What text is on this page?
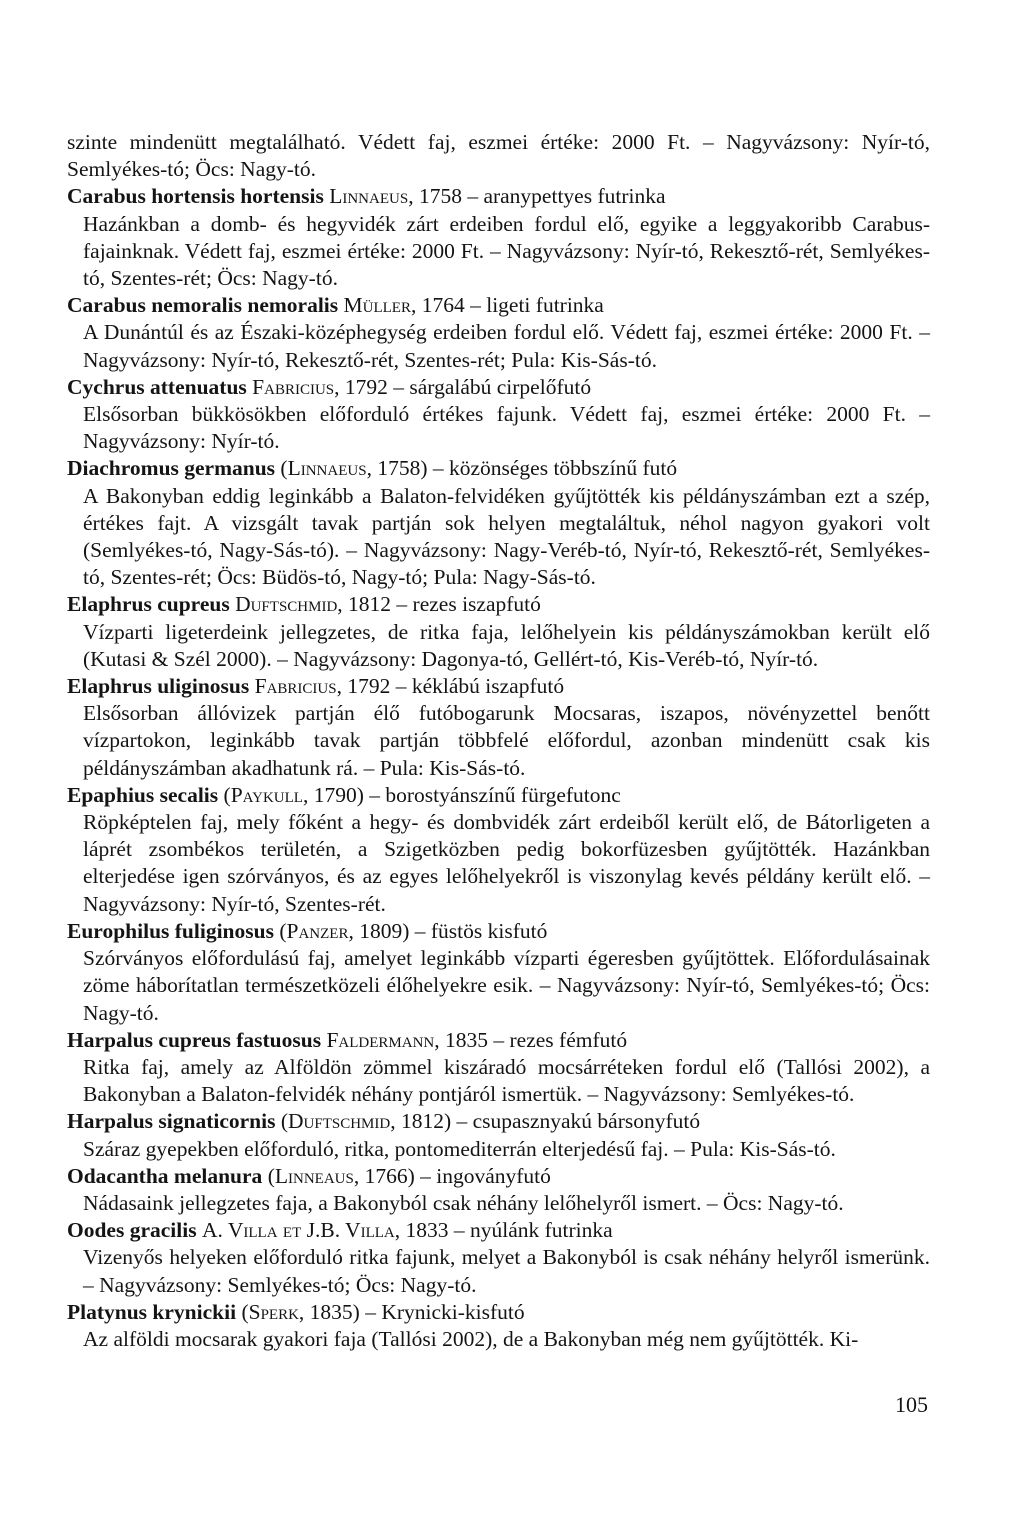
szinte mindenütt megtalálható. Védett faj, eszmei értéke: 2000 Ft. – Nagyvázsony: Nyír-tó, Semlyékes-tó; Öcs: Nagy-tó.

Carabus hortensis hortensis Linnaeus, 1758 – aranypettyes futrinka

Hazánkban a domb- és hegyvidék zárt erdeiben fordul elő, egyike a leggyakoribb Carabus-fajainknak. Védett faj, eszmei értéke: 2000 Ft. – Nagyvázsony: Nyír-tó, Rekesztő-rét, Semlyékes-tó, Szentes-rét; Öcs: Nagy-tó.

Carabus nemoralis nemoralis Müller, 1764 – ligeti futrinka

A Dunántúl és az Északi-középhegység erdeiben fordul elő. Védett faj, eszmei értéke: 2000 Ft. – Nagyvázsony: Nyír-tó, Rekesztő-rét, Szentes-rét; Pula: Kis-Sás-tó.

Cychrus attenuatus Fabricius, 1792 – sárgalábú cirpelőfutó

Elsősorban bükkösökben előforduló értékes fajunk. Védett faj, eszmei értéke: 2000 Ft. – Nagyvázsony: Nyír-tó.

Diachromus germanus (Linnaeus, 1758) – közönséges többszínű futó

A Bakonyban eddig leginkább a Balaton-felvidéken gyűjtötték kis példányszámban ezt a szép, értékes fajt. A vizsgált tavak partján sok helyen megtaláltuk, néhol nagyon gyakori volt (Semlyékes-tó, Nagy-Sás-tó). – Nagyvázsony: Nagy-Veréb-tó, Nyír-tó, Rekesztő-rét, Semlyékes-tó, Szentes-rét; Öcs: Büdös-tó, Nagy-tó; Pula: Nagy-Sás-tó.

Elaphrus cupreus Duftschmid, 1812 – rezes iszapfutó

Vízparti ligeterdeink jellegzetes, de ritka faja, lelőhelyein kis példányszámokban került elő (Kutasi & Szél 2000). – Nagyvázsony: Dagonya-tó, Gellért-tó, Kis-Veréb-tó, Nyír-tó.

Elaphrus uliginosus Fabricius, 1792 – kéklábú iszapfutó

Elsősorban állóvizek partján élő futóbogarunk Mocsaras, iszapos, növényzettel benőtt vízpartokon, leginkább tavak partján többfelé előfordul, azonban mindenütt csak kis példányszámban akadhatunk rá. – Pula: Kis-Sás-tó.

Epaphius secalis (Paykull, 1790) – borostyánszínű fürgefutonc

Röpképtelen faj, mely főként a hegy- és dombvidék zárt erdeiből került elő, de Bátorligeten a láprét zsombékos területén, a Szigetközben pedig bokorfüzesben gyűjtötték. Hazánkban elterjedése igen szórványos, és az egyes lelőhelyekről is viszonylag kevés példány került elő. – Nagyvázsony: Nyír-tó, Szentes-rét.

Europhilus fuliginosus (Panzer, 1809) – füstös kisfutó

Szórványos előfordulású faj, amelyet leginkább vízparti égeresben gyűjtöttek. Előfordulásainak zöme háborítatlan természetközeli élőhelyekre esik. – Nagyvázsony: Nyír-tó, Semlyékes-tó; Öcs: Nagy-tó.

Harpalus cupreus fastuosus Faldermann, 1835 – rezes fémfutó

Ritka faj, amely az Alföldön zömmel kiszáradó mocsárréteken fordul elő (Tallósi 2002), a Bakonyban a Balaton-felvidék néhány pontjáról ismertük. – Nagyvázsony: Semlyékes-tó.

Harpalus signaticornis (Duftschmid, 1812) – csupasznyakú bársonyfutó

Száraz gyepekben előforduló, ritka, pontomediterrán elterjedésű faj. – Pula: Kis-Sás-tó.

Odacantha melanura (Linneaus, 1766) – ingoványfutó

Nádasaink jellegzetes faja, a Bakonyból csak néhány lelőhelyről ismert. – Öcs: Nagy-tó.

Oodes gracilis A. Villa et J.B. Villa, 1833 – nyúlánk futrinka

Vizenyős helyeken előforduló ritka fajunk, melyet a Bakonyból is csak néhány helyről ismerünk. – Nagyvázsony: Semlyékes-tó; Öcs: Nagy-tó.

Platynus krynickii (Sperk, 1835) – Krynicki-kisfutó

Az alföldi mocsarak gyakori faja (Tallósi 2002), de a Bakonyban még nem gyűjtötték. Ki-

105
